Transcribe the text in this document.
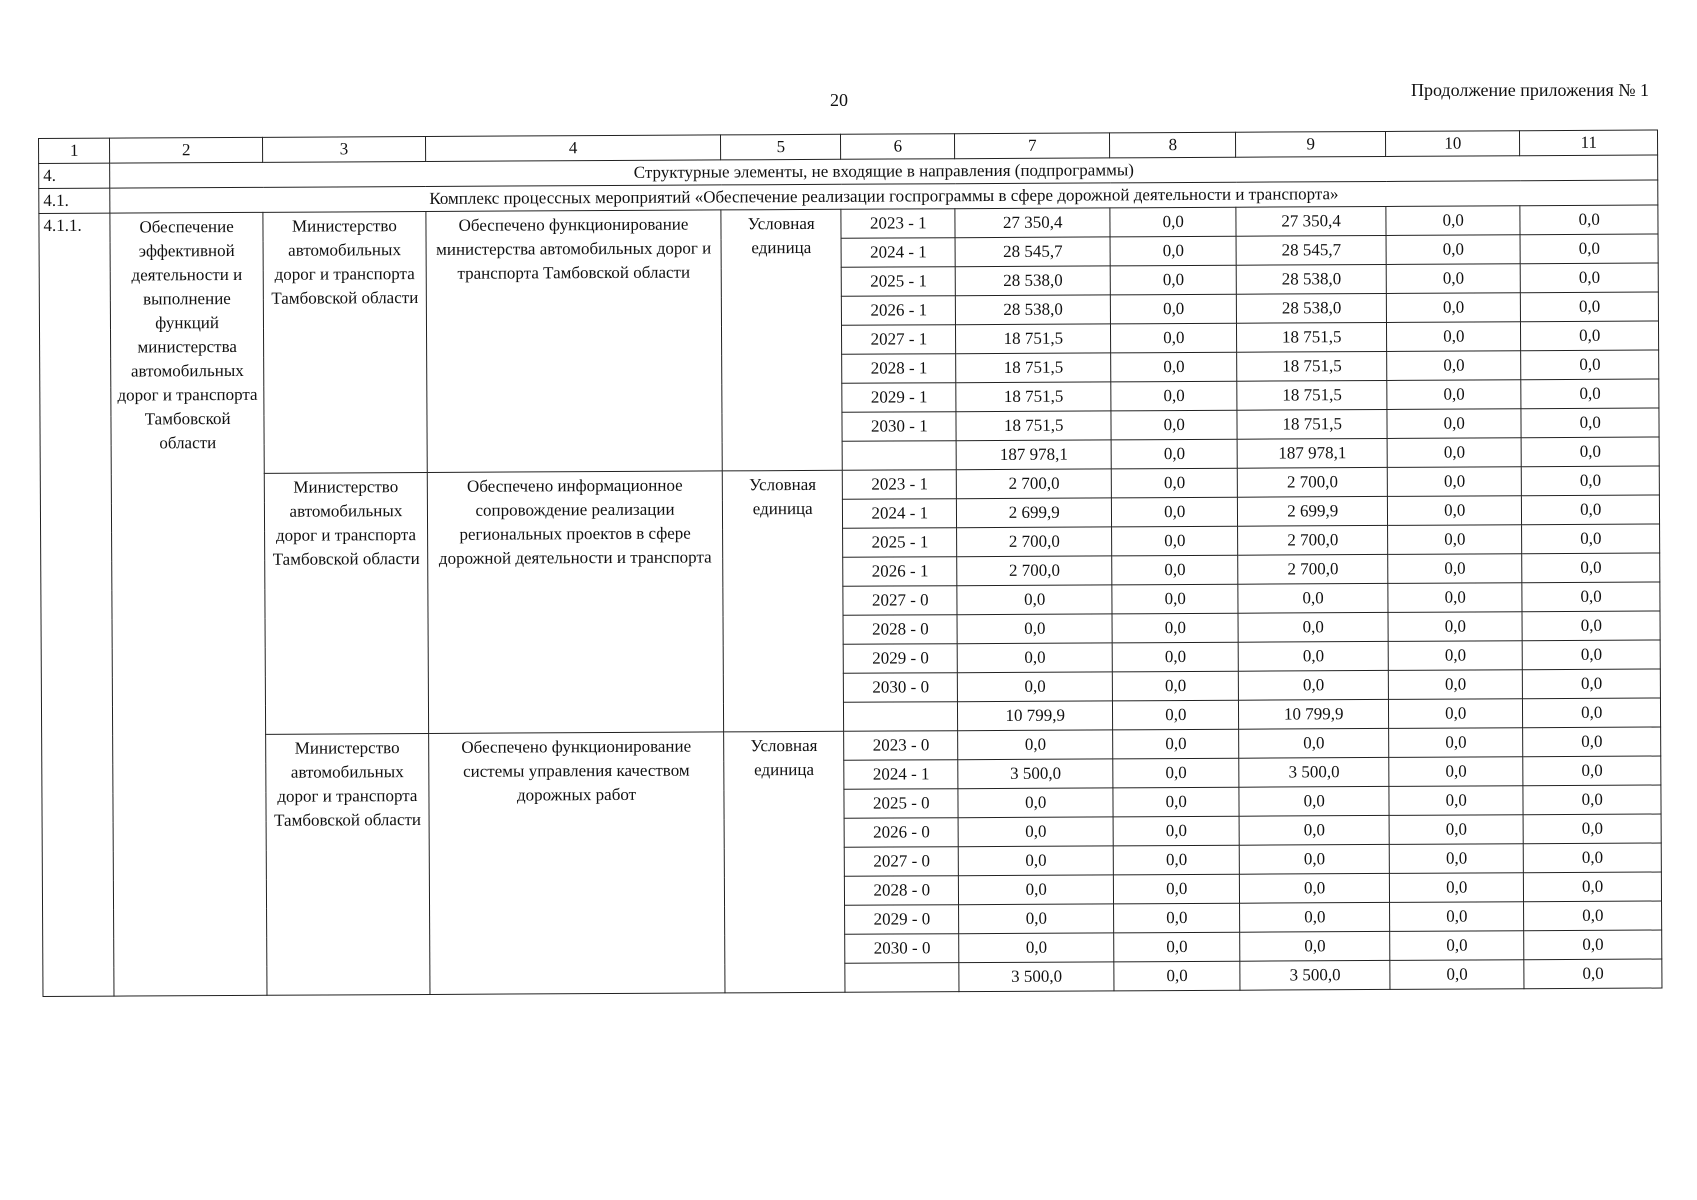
20	Продолжение приложения № 1
1	2	3	4	5	6	7	8	9	10	11
4.	Структурные элементы, не входящие в направления (подпрограммы)									
4.1.	Комплекс процессных мероприятий «Обеспечение реализации госпрограммы в сфере дорожной деятельности и транспорта»									
4.1.1.	Обеспечение эффективной деятельности и выполнение функций министерства автомобильных дорог и транспорта Тамбовской области	Министерство автомобильных дорог и транспорта Тамбовской области	Обеспечено функционирование министерства автомобильных дорог и транспорта Тамбовской области	Условная единица	2023 - 1	27 350,4	0,0	27 350,4	0,0	0,0
					2024 - 1	28 545,7	0,0	28 545,7	0,0	0,0
					2025 - 1	28 538,0	0,0	28 538,0	0,0	0,0
					2026 - 1	28 538,0	0,0	28 538,0	0,0	0,0
					2027 - 1	18 751,5	0,0	18 751,5	0,0	0,0
					2028 - 1	18 751,5	0,0	18 751,5	0,0	0,0
					2029 - 1	18 751,5	0,0	18 751,5	0,0	0,0
					2030 - 1	18 751,5	0,0	18 751,5	0,0	0,0
						187 978,1	0,0	187 978,1	0,0	0,0
		Министерство автомобильных дорог и транспорта Тамбовской области	Обеспечено информационное сопровождение реализации региональных проектов в сфере дорожной деятельности и транспорта	Условная единица	2023 - 1	2 700,0	0,0	2 700,0	0,0	0,0
					2024 - 1	2 699,9	0,0	2 699,9	0,0	0,0
					2025 - 1	2 700,0	0,0	2 700,0	0,0	0,0
					2026 - 1	2 700,0	0,0	2 700,0	0,0	0,0
					2027 - 0	0,0	0,0	0,0	0,0	0,0
					2028 - 0	0,0	0,0	0,0	0,0	0,0
					2029 - 0	0,0	0,0	0,0	0,0	0,0
					2030 - 0	0,0	0,0	0,0	0,0	0,0
						10 799,9	0,0	10 799,9	0,0	0,0
		Министерство автомобильных дорог и транспорта Тамбовской области	Обеспечено функционирование системы управления качеством дорожных работ	Условная единица	2023 - 0	0,0	0,0	0,0	0,0	0,0
					2024 - 1	3 500,0	0,0	3 500,0	0,0	0,0
					2025 - 0	0,0	0,0	0,0	0,0	0,0
					2026 - 0	0,0	0,0	0,0	0,0	0,0
					2027 - 0	0,0	0,0	0,0	0,0	0,0
					2028 - 0	0,0	0,0	0,0	0,0	0,0
					2029 - 0	0,0	0,0	0,0	0,0	0,0
					2030 - 0	0,0	0,0	0,0	0,0	0,0
						3 500,0	0,0	3 500,0	0,0	0,0
